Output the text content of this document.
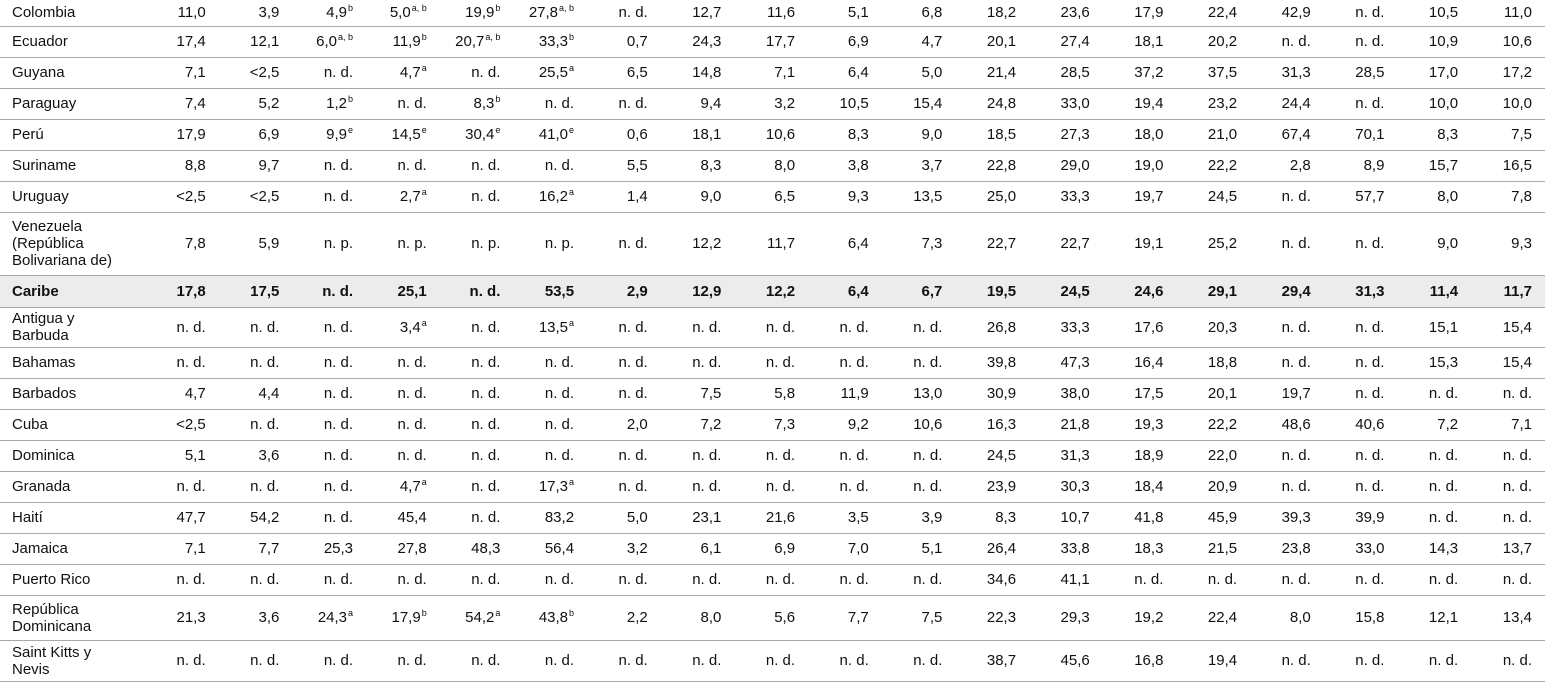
Colombia	11,0	3,9	4,9$^b$	5,0$^{a, b}$	19,9$^b$	27,8$^{a, b}$	n. d.	12,7	11,6	5,1	6,8	18,2	23,6	17,9	22,4	42,9	n. d.	10,5	11,0
Ecuador	17,4	12,1	6,0$^{a, b}$	11,9$^b$	20,7$^{a, b}$	33,3$^b$	0,7	24,3	17,7	6,9	4,7	20,1	27,4	18,1	20,2	n. d.	n. d.	10,9	10,6
Guyana	7,1	<2,5	n. d.	4,7$^a$	n. d.	25,5$^a$	6,5	14,8	7,1	6,4	5,0	21,4	28,5	37,2	37,5	31,3	28,5	17,0	17,2
Paraguay	7,4	5,2	1,2$^b$	n. d.	8,3$^b$	n. d.	n. d.	9,4	3,2	10,5	15,4	24,8	33,0	19,4	23,2	24,4	n. d.	10,0	10,0
Perú	17,9	6,9	9,9e	14,5e	30,4e	41,0e	0,6	18,1	10,6	8,3	9,0	18,5	27,3	18,0	21,0	67,4	70,1	8,3	7,5
Suriname	8,8	9,7	n. d.	n. d.	n. d.	n. d.	5,5	8,3	8,0	3,8	3,7	22,8	29,0	19,0	22,2	2,8	8,9	15,7	16,5
Uruguay	<2,5	<2,5	n. d.	2,7$^a$	n. d.	16,2$^a$	1,4	9,0	6,5	9,3	13,5	25,0	33,3	19,7	24,5	n. d.	57,7	8,0	7,8
Venezuela (República Bolivariana de)	7,8	5,9	n. p.	n. p.	n. p.	n. p.	n. d.	12,2	11,7	6,4	7,3	22,7	22,7	19,1	25,2	n. d.	n. d.	9,0	9,3
Caribe	17,8	17,5	n. d.	25,1	n. d.	53,5	2,9	12,9	12,2	6,4	6,7	19,5	24,5	24,6	29,1	29,4	31,3	11,4	11,7
Antigua y Barbuda	n. d.	n. d.	n. d.	3,4$^a$	n. d.	13,5$^a$	n. d.	n. d.	n. d.	n. d.	n. d.	26,8	33,3	17,6	20,3	n. d.	n. d.	15,1	15,4
Bahamas	n. d.	n. d.	n. d.	n. d.	n. d.	n. d.	n. d.	n. d.	n. d.	n. d.	n. d.	39,8	47,3	16,4	18,8	n. d.	n. d.	15,3	15,4
Barbados	4,7	4,4	n. d.	n. d.	n. d.	n. d.	n. d.	7,5	5,8	11,9	13,0	30,9	38,0	17,5	20,1	19,7	n. d.	n. d.	n. d.
Cuba	<2,5	n. d.	n. d.	n. d.	n. d.	n. d.	2,0	7,2	7,3	9,2	10,6	16,3	21,8	19,3	22,2	48,6	40,6	7,2	7,1
Dominica	5,1	3,6	n. d.	n. d.	n. d.	n. d.	n. d.	n. d.	n. d.	n. d.	n. d.	24,5	31,3	18,9	22,0	n. d.	n. d.	n. d.	n. d.
Granada	n. d.	n. d.	n. d.	4,7$^a$	n. d.	17,3$^a$	n. d.	n. d.	n. d.	n. d.	n. d.	23,9	30,3	18,4	20,9	n. d.	n. d.	n. d.	n. d.
Haití	47,7	54,2	n. d.	45,4	n. d.	83,2	5,0	23,1	21,6	3,5	3,9	8,3	10,7	41,8	45,9	39,3	39,9	n. d.	n. d.
Jamaica	7,1	7,7	25,3	27,8	48,3	56,4	3,2	6,1	6,9	7,0	5,1	26,4	33,8	18,3	21,5	23,8	33,0	14,3	13,7
Puerto Rico	n. d.	n. d.	n. d.	n. d.	n. d.	n. d.	n. d.	n. d.	n. d.	n. d.	n. d.	34,6	41,1	n. d.	n. d.	n. d.	n. d.	n. d.	n. d.
República Dominicana	21,3	3,6	24,3$^a$	17,9$^b$	54,2$^a$	43,8$^b$	2,2	8,0	5,6	7,7	7,5	22,3	29,3	19,2	22,4	8,0	15,8	12,1	13,4
Saint Kitts y Nevis	n. d.	n. d.	n. d.	n. d.	n. d.	n. d.	n. d.	n. d.	n. d.	n. d.	n. d.	38,7	45,6	16,8	19,4	n. d.	n. d.	n. d.	n. d.
